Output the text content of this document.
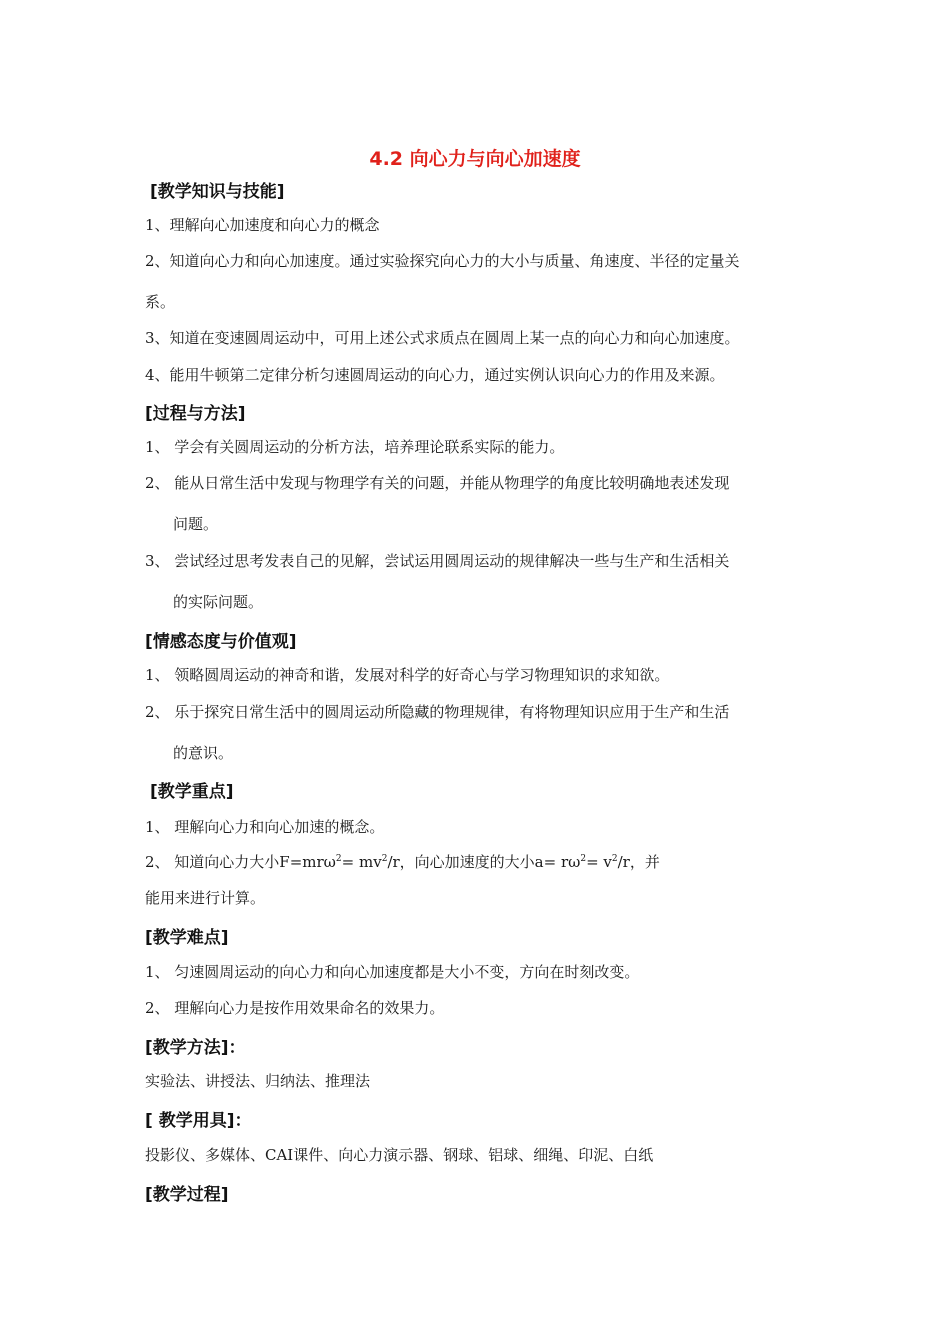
4.2 向心力与向心加速度
[教学知识与技能]
1、理解向心加速度和向心力的概念
2、知道向心力和向心加速度。通过实验探究向心力的大小与质量、角速度、半径的定量关
系。
3、知道在变速圆周运动中，可用上述公式求质点在圆周上某一点的向心力和向心加速度。
4、能用牛顿第二定律分析匀速圆周运动的向心力，通过实例认识向心力的作用及来源。
[过程与方法]
1、 学会有关圆周运动的分析方法，培养理论联系实际的能力。
2、 能从日常生活中发现与物理学有关的问题，并能从物理学的角度比较明确地表述发现
问题。
3、 尝试经过思考发表自己的见解，尝试运用圆周运动的规律解决一些与生产和生活相关
的实际问题。
[情感态度与价值观]
1、 领略圆周运动的神奇和谐，发展对科学的好奇心与学习物理知识的求知欲。
2、 乐于探究日常生活中的圆周运动所隐藏的物理规律，有将物理知识应用于生产和生活
的意识。
[教学重点]
1、 理解向心力和向心加速的概念。
2、 知道向心力大小$F=mr\omega^2= mv^2/r$，向心加速度的大小$a= r\omega^2= v^2/r$，并
能用来进行计算。
[教学难点]
1、 匀速圆周运动的向心力和向心加速度都是大小不变，方向在时刻改变。
2、 理解向心力是按作用效果命名的效果力。
[教学方法]：
实验法、讲授法、归纳法、推理法
[ 教学用具]：
投影仪、多媒体、CAI课件、向心力演示器、钢球、铝球、细绳、印泥、白纸
[教学过程]
